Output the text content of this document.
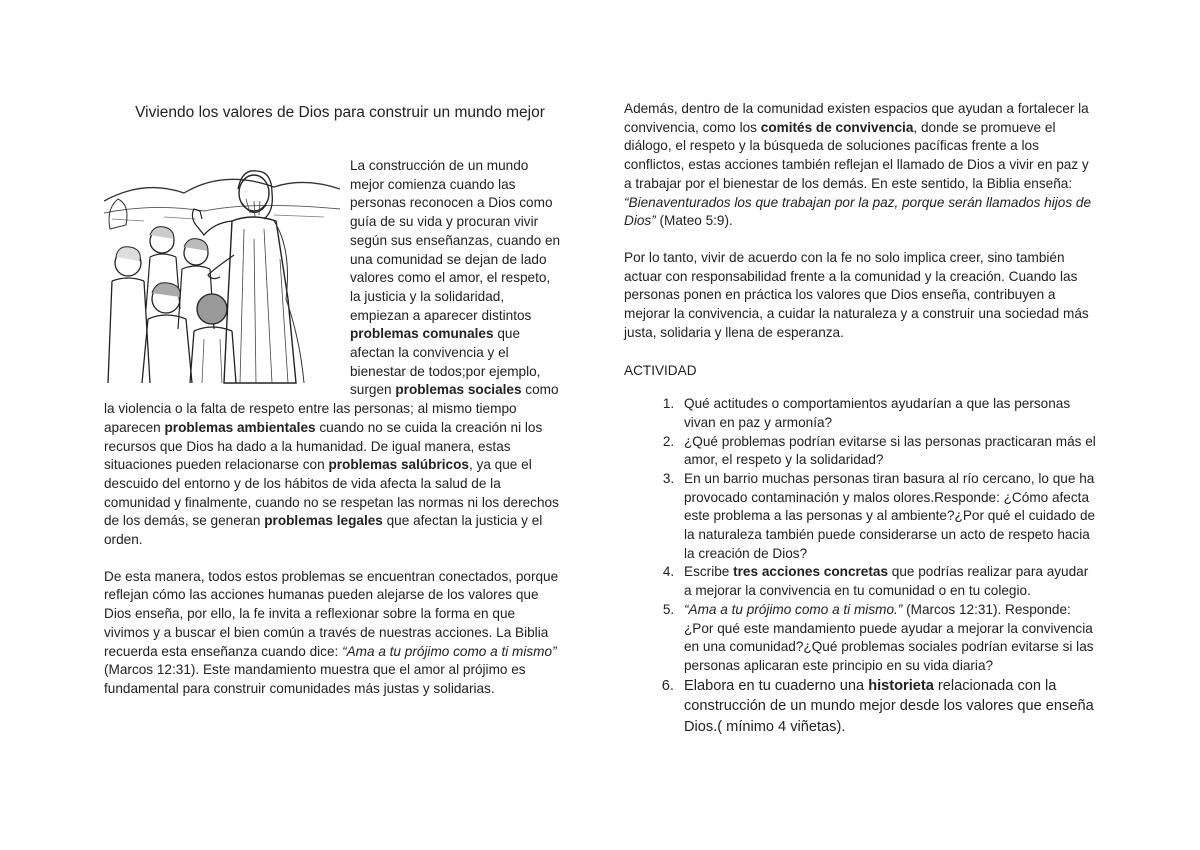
Viviendo los valores de Dios para construir un mundo mejor

La construcción de un mundo mejor comienza cuando las personas reconocen a Dios como guía de su vida y procuran vivir según sus enseñanzas, cuando en una comunidad se dejan de lado valores como el amor, el respeto, la justicia y la solidaridad, empiezan a aparecer distintos problemas comunales que afectan la convivencia y el bienestar de todos;por ejemplo, surgen problemas sociales como la violencia o la falta de respeto entre las personas; al mismo tiempo aparecen problemas ambientales cuando no se cuida la creación ni los recursos que Dios ha dado a la humanidad. De igual manera, estas situaciones pueden relacionarse con problemas salúbricos, ya que el descuido del entorno y de los hábitos de vida afecta la salud de la comunidad y finalmente, cuando no se respetan las normas ni los derechos de los demás, se generan problemas legales que afectan la justicia y el orden.

De esta manera, todos estos problemas se encuentran conectados, porque reflejan cómo las acciones humanas pueden alejarse de los valores que Dios enseña, por ello, la fe invita a reflexionar sobre la forma en que vivimos y a buscar el bien común a través de nuestras acciones. La Biblia recuerda esta enseñanza cuando dice: “Ama a tu prójimo como a ti mismo” (Marcos 12:31). Este mandamiento muestra que el amor al prójimo es fundamental para construir comunidades más justas y solidarias.

Además, dentro de la comunidad existen espacios que ayudan a fortalecer la convivencia, como los comités de convivencia, donde se promueve el diálogo, el respeto y la búsqueda de soluciones pacíficas frente a los conflictos, estas acciones también reflejan el llamado de Dios a vivir en paz y a trabajar por el bienestar de los demás. En este sentido, la Biblia enseña: “Bienaventurados los que trabajan por la paz, porque serán llamados hijos de Dios” (Mateo 5:9).

Por lo tanto, vivir de acuerdo con la fe no solo implica creer, sino también actuar con responsabilidad frente a la comunidad y la creación. Cuando las personas ponen en práctica los valores que Dios enseña, contribuyen a mejorar la convivencia, a cuidar la naturaleza y a construir una sociedad más justa, solidaria y llena de esperanza.

ACTIVIDAD

1. Qué actitudes o comportamientos ayudarían a que las personas vivan en paz y armonía?
2. ¿Qué problemas podrían evitarse si las personas practicaran más el amor, el respeto y la solidaridad?
3. En un barrio muchas personas tiran basura al río cercano, lo que ha provocado contaminación y malos olores.Responde: ¿Cómo afecta este problema a las personas y al ambiente?¿Por qué el cuidado de la naturaleza también puede considerarse un acto de respeto hacia la creación de Dios?
4. Escribe tres acciones concretas que podrías realizar para ayudar a mejorar la convivencia en tu comunidad o en tu colegio.
5. “Ama a tu prójimo como a ti mismo.” (Marcos 12:31). Responde: ¿Por qué este mandamiento puede ayudar a mejorar la convivencia en una comunidad?¿Qué problemas sociales podrían evitarse si las personas aplicaran este principio en su vida diaria?
6. Elabora en tu cuaderno una historieta relacionada con la construcción de un mundo mejor desde los valores que enseña Dios.( mínimo 4 viñetas).
